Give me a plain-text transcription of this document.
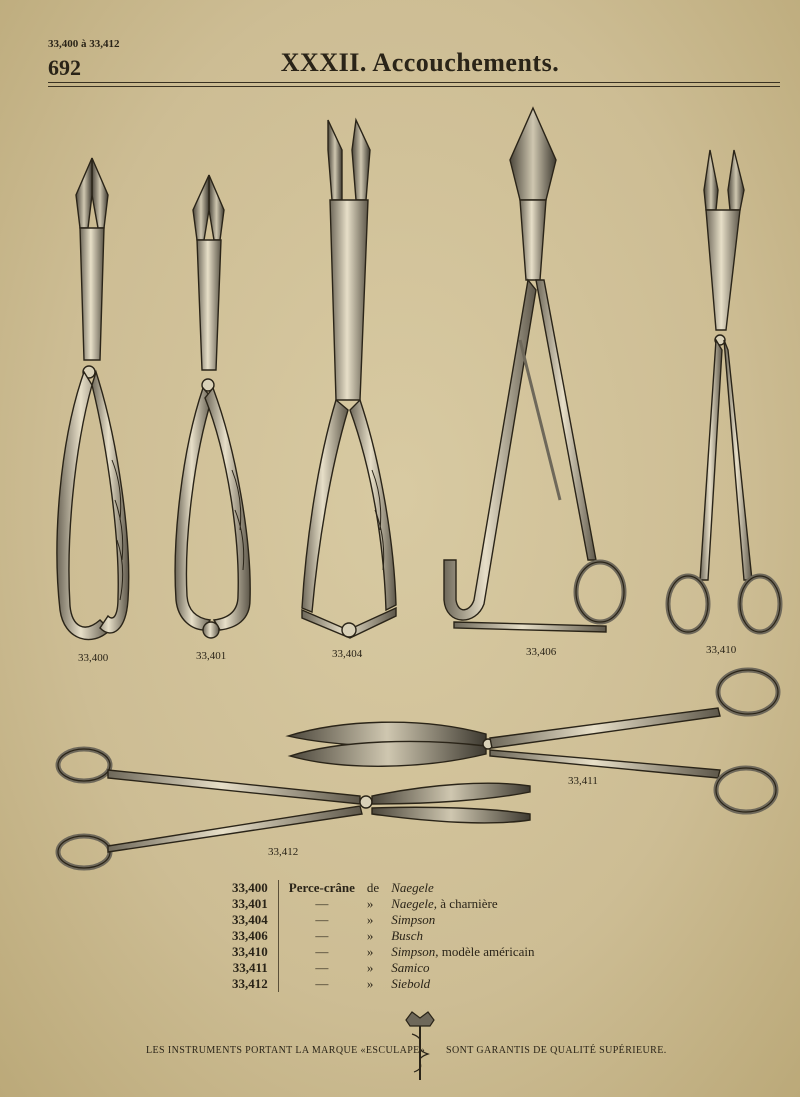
33,400 à 33,412
692	XXXII. Accouchements.
33,400	33,401	33,404	33,406	33,410
33,411
33,412
33,400	Perce-crâne	de	Naegele
33,401	—	»	Naegele, à charnière
33,404	—	»	Simpson
33,406	—	»	Busch
33,410	—	»	Simpson, modèle américain
33,411	—	»	Samico
33,412	—	»	Siebold
LES INSTRUMENTS PORTANT LA MARQUE «ESCULAPE» SONT GARANTIS DE QUALITÉ SUPÉRIEURE.
